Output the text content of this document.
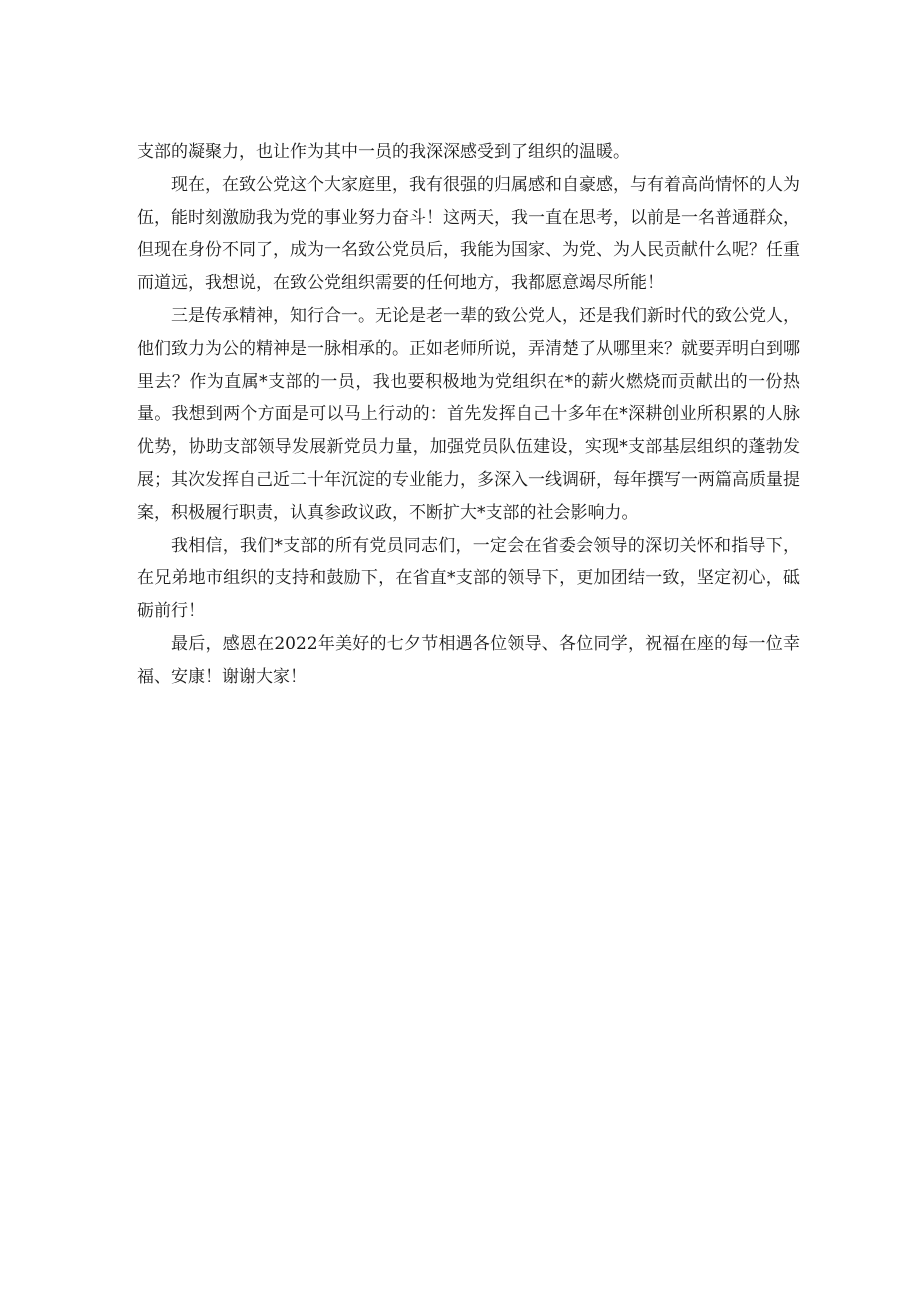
支部的凝聚力，也让作为其中一员的我深深感受到了组织的温暖。

现在，在致公党这个大家庭里，我有很强的归属感和自豪感，与有着高尚情怀的人为伍，能时刻激励我为党的事业努力奋斗！这两天，我一直在思考，以前是一名普通群众，但现在身份不同了，成为一名致公党员后，我能为国家、为党、为人民贡献什么呢？任重而道远，我想说，在致公党组织需要的任何地方，我都愿意竭尽所能！

三是传承精神，知行合一。无论是老一辈的致公党人，还是我们新时代的致公党人，他们致力为公的精神是一脉相承的。正如老师所说，弄清楚了从哪里来？就要弄明白到哪里去？作为直属*支部的一员，我也要积极地为党组织在*的薪火燃烧而贡献出的一份热量。我想到两个方面是可以马上行动的：首先发挥自己十多年在*深耕创业所积累的人脉优势，协助支部领导发展新党员力量，加强党员队伍建设，实现*支部基层组织的蓬勃发展；其次发挥自己近二十年沉淀的专业能力，多深入一线调研，每年撰写一两篇高质量提案，积极履行职责，认真参政议政，不断扩大*支部的社会影响力。

我相信，我们*支部的所有党员同志们，一定会在省委会领导的深切关怀和指导下，在兄弟地市组织的支持和鼓励下，在省直*支部的领导下，更加团结一致，坚定初心，砥砺前行！

最后，感恩在2022年美好的七夕节相遇各位领导、各位同学，祝福在座的每一位幸福、安康！谢谢大家！
